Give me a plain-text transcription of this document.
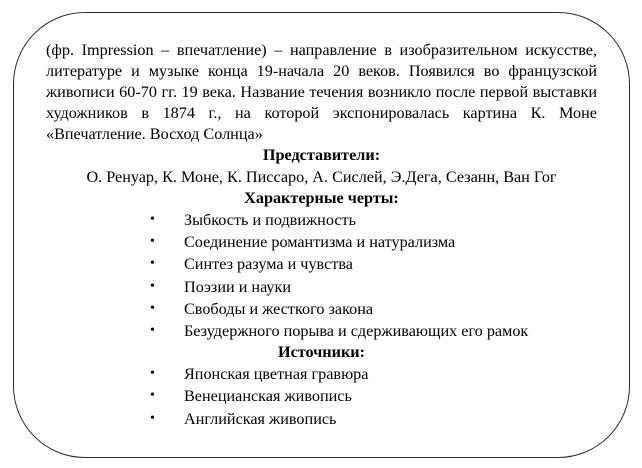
(фр. Impression – впечатление) – направление в изобразительном искусстве, литературе и музыке конца 19-начала 20 веков. Появился во французской живописи 60-70 гг. 19 века. Название течения возникло после первой выставки художников в 1874 г., на которой экспонировалась картина К. Моне «Впечатление. Восход Солнца»

Представители:

О. Ренуар, К. Моне, К. Писсаро, А. Сислей, Э.Дега, Сезанн, Ван Гог

Характерные черты:

• Зыбкость и подвижность
• Соединение романтизма и натурализма
• Синтез разума и чувства
• Поэзии и науки
• Свободы и жесткого закона
• Безудержного порыва и сдерживающих его рамок

Источники:

• Японская цветная гравюра
• Венецианская живопись
• Английская живопись
